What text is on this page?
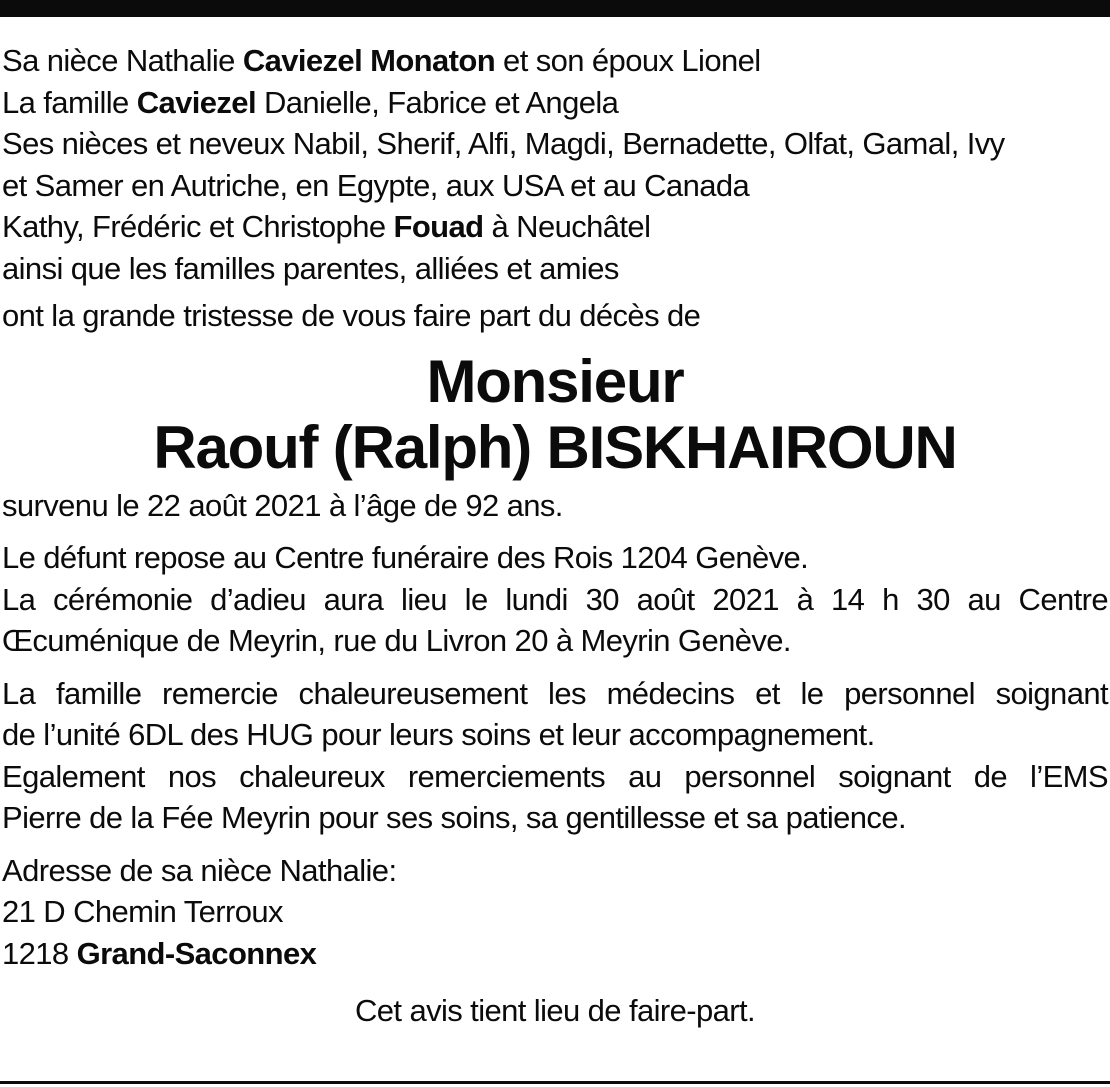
Sa nièce Nathalie Caviezel Monaton et son époux Lionel
La famille Caviezel Danielle, Fabrice et Angela
Ses nièces et neveux Nabil, Sherif, Alfi, Magdi, Bernadette, Olfat, Gamal, Ivy
et Samer en Autriche, en Egypte, aux USA et au Canada
Kathy, Frédéric et Christophe Fouad à Neuchâtel
ainsi que les familles parentes, alliées et amies
ont la grande tristesse de vous faire part du décès de
Monsieur
Raouf (Ralph) BISKHAIROUN
survenu le 22 août 2021 à l’âge de 92 ans.
Le défunt repose au Centre funéraire des Rois 1204 Genève.
La cérémonie d’adieu aura lieu le lundi 30 août 2021 à 14 h 30 au Centre
Œcuménique de Meyrin, rue du Livron 20 à Meyrin Genève.
La famille remercie chaleureusement les médecins et le personnel soignant
de l’unité 6DL des HUG pour leurs soins et leur accompagnement.
Egalement nos chaleureux remerciements au personnel soignant de l’EMS
Pierre de la Fée Meyrin pour ses soins, sa gentillesse et sa patience.
Adresse de sa nièce Nathalie:
21 D Chemin Terroux
1218 Grand-Saconnex
Cet avis tient lieu de faire-part.
